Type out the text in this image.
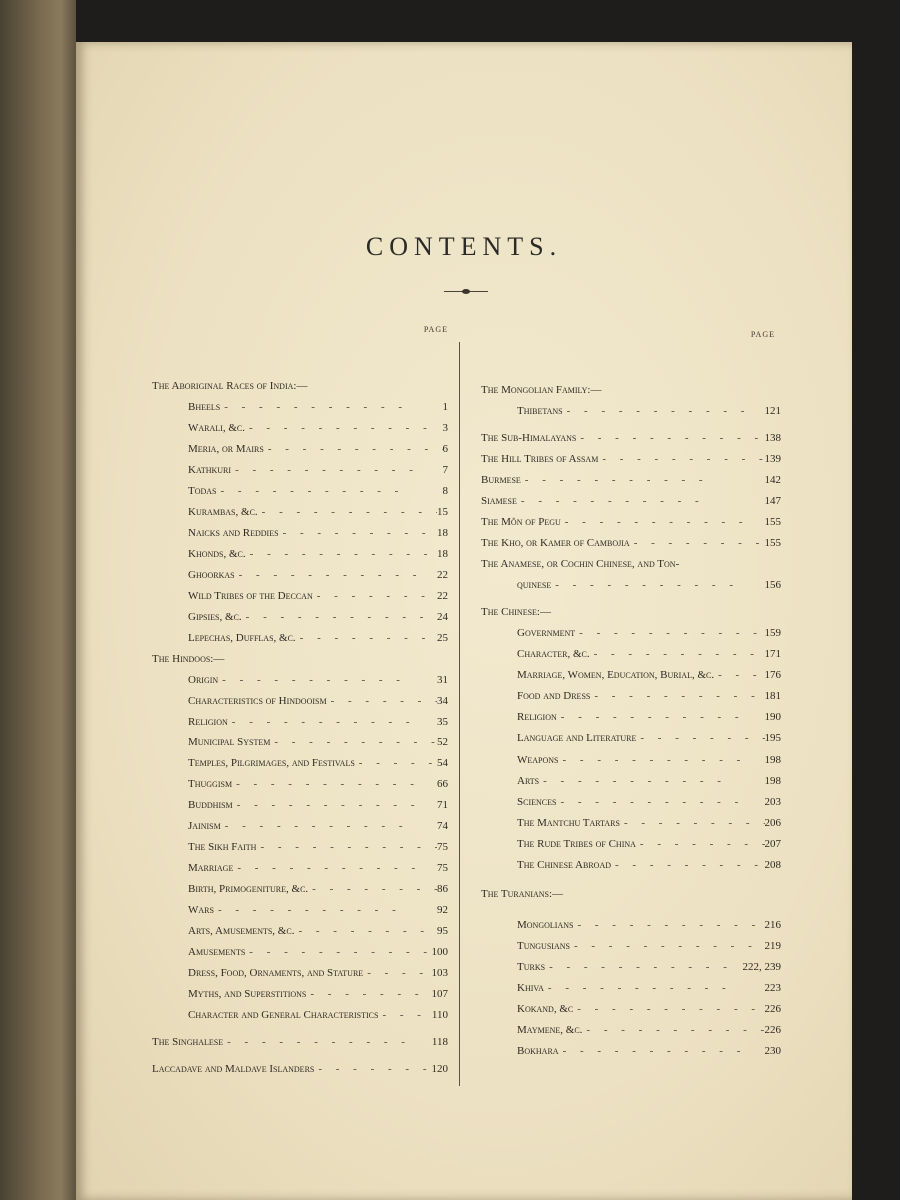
CONTENTS.
PAGE
The Aboriginal Races of India:—
Bheels -	1
Warali, &c. -	3
Meria, or Mairs -	6
Kathkuri -	7
Todas -	8
Kurambas, &c. -	15
Naicks and Reddies -	18
Khonds, &c. -	18
Ghoorkas -	22
Wild Tribes of the Deccan -	22
Gipsies, &c. -	24
Lepechas, Dufflas, &c. -	25
The Hindoos:—
Origin -	31
Characteristics of Hindooism -	34
Religion -	35
Municipal System -	52
Temples, Pilgrimages, and Festivals -	54
Thuggism -	66
Buddhism -	71
Jainism -	74
The Sikh Faith -	75
Marriage -	75
Birth, Primogeniture, &c. -	86
Wars -	92
Arts, Amusements, &c. -	95
Amusements -	100
Dress, Food, Ornaments, and Stature -	103
Myths, and Superstitions -	107
Character and General Characteristics -	110
The Singhalese -	118
Laccadave and Maldave Islanders -	120
PAGE
The Mongolian Family:—
Thibetans -	121
The Sub-Himalayans -	138
The Hill Tribes of Assam -	139
Burmese -	142
Siamese -	147
The Môn of Pegu -	155
The Kho, or Kamer of Cambojia -	155
The Anamese, or Cochin Chinese, and Ton-
quinese -	156
The Chinese:—
Government -	159
Character, &c. -	171
Marriage, Women, Education, Burial, &c. -	176
Food and Dress -	181
Religion -	190
Language and Literature -	195
Weapons -	198
Arts -	198
Sciences -	203
The Mantchu Tartars -	206
The Rude Tribes of China -	207
The Chinese Abroad -	208
The Turanians:—
Mongolians -	216
Tungusians -	219
Turks -	222, 239
Khiva -	223
Kokand, &c -	226
Maymene, &c. -	226
Bokhara -	230
